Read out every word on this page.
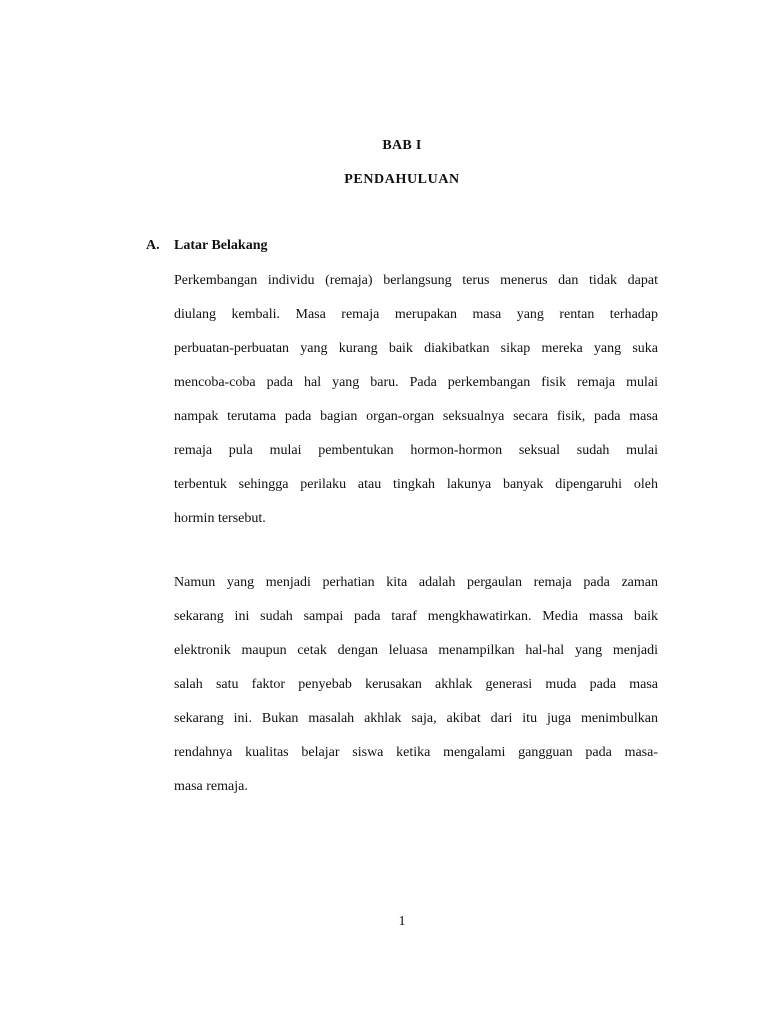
BAB I
PENDAHULUAN
A. Latar Belakang
Perkembangan individu (remaja) berlangsung terus menerus dan tidak dapat
diulang kembali. Masa remaja merupakan masa yang rentan terhadap
perbuatan-perbuatan yang kurang baik diakibatkan sikap mereka yang suka
mencoba-coba pada hal yang baru. Pada perkembangan fisik remaja mulai
nampak terutama pada bagian organ-organ seksualnya secara fisik, pada masa
remaja pula mulai pembentukan hormon-hormon seksual sudah mulai
terbentuk sehingga perilaku atau tingkah lakunya banyak dipengaruhi oleh
hormin tersebut.
Namun yang menjadi perhatian kita adalah pergaulan remaja pada zaman
sekarang ini sudah sampai pada taraf mengkhawatirkan. Media massa baik
elektronik maupun cetak dengan leluasa menampilkan hal-hal yang menjadi
salah satu faktor penyebab kerusakan akhlak generasi muda pada masa
sekarang ini. Bukan masalah akhlak saja, akibat dari itu juga menimbulkan
rendahnya kualitas belajar siswa ketika mengalami gangguan pada masa-
masa remaja.
1
